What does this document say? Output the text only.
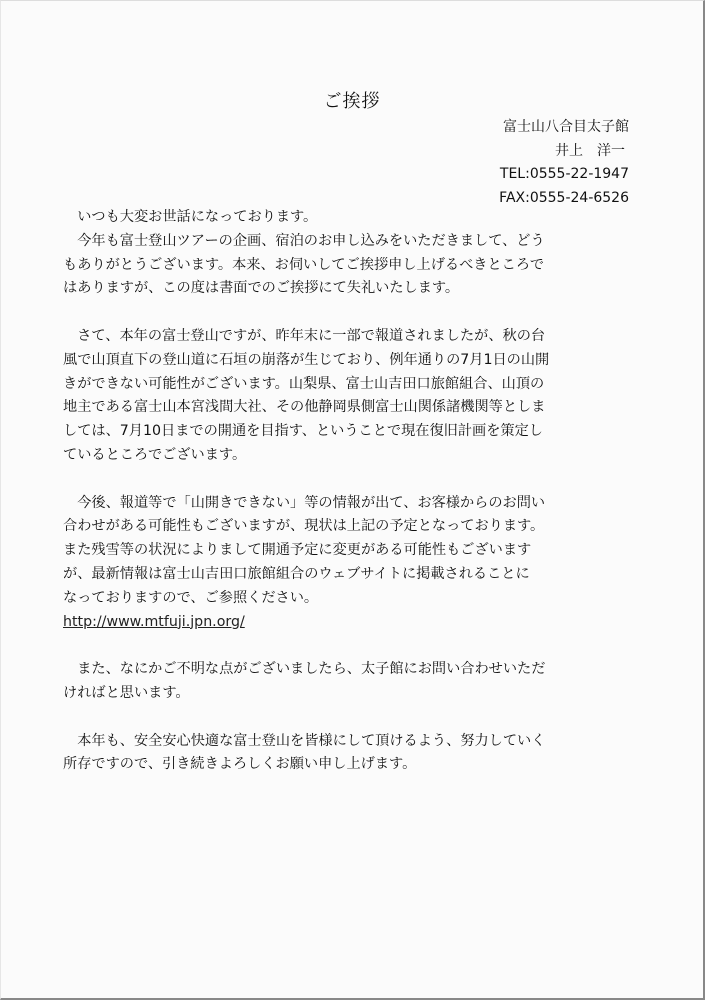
ご挨拶
富士山八合目太子館
井上　洋一
TEL:0555-22-1947
FAX:0555-24-6526

　いつも大変お世話になっております。

　今年も富士登山ツアーの企画、宿泊のお申し込みをいただきまして、どう
もありがとうございます。本来、お伺いしてご挨拶申し上げるべきところで
はありますが、この度は書面でのご挨拶にて失礼いたします。

　さて、本年の富士登山ですが、昨年末に一部で報道されましたが、秋の台
風で山頂直下の登山道に石垣の崩落が生じており、例年通りの7月1日の山開
きができない可能性がございます。山梨県、富士山吉田口旅館組合、山頂の
地主である富士山本宮浅間大社、その他静岡県側富士山関係諸機関等としま
しては、7月10日までの開通を目指す、ということで現在復旧計画を策定し
ているところでございます。

　今後、報道等で「山開きできない」等の情報が出て、お客様からのお問い
合わせがある可能性もございますが、現状は上記の予定となっております。
また残雪等の状況によりまして開通予定に変更がある可能性もございます
が、最新情報は富士山吉田口旅館組合のウェブサイトに掲載されることに
なっておりますので、ご参照ください。
http://www.mtfuji.jpn.org/

　また、なにかご不明な点がございましたら、太子館にお問い合わせいただ
ければと思います。

　本年も、安全安心快適な富士登山を皆様にして頂けるよう、努力していく
所存ですので、引き続きよろしくお願い申し上げます。
